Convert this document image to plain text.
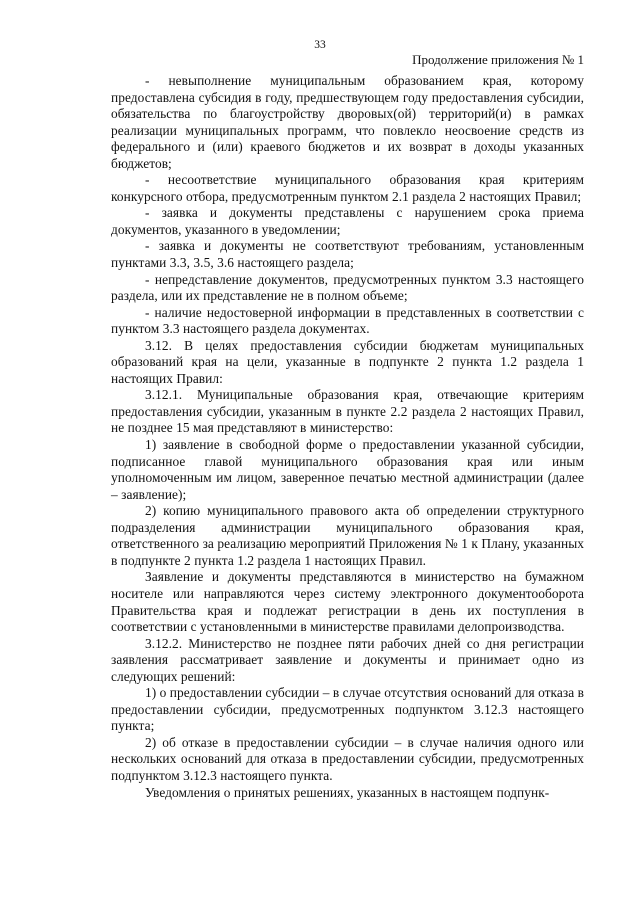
33
Продолжение приложения № 1

- невыполнение муниципальным образованием края, которому предоставлена субсидия в году, предшествующем году предоставления субсидии, обязательства по благоустройству дворовых(ой) территорий(и) в рамках реализации муниципальных программ, что повлекло неосвоение средств из федерального и (или) краевого бюджетов и их возврат в доходы указанных бюджетов;

- несоответствие муниципального образования края критериям конкурсного отбора, предусмотренным пунктом 2.1 раздела 2 настоящих Правил;

- заявка и документы представлены с нарушением срока приема документов, указанного в уведомлении;

- заявка и документы не соответствуют требованиям, установленным пунктами 3.3, 3.5, 3.6 настоящего раздела;

- непредставление документов, предусмотренных пунктом 3.3 настоящего раздела, или их представление не в полном объеме;

- наличие недостоверной информации в представленных в соответствии с пунктом 3.3 настоящего раздела документах.

3.12. В целях предоставления субсидии бюджетам муниципальных образований края на цели, указанные в подпункте 2 пункта 1.2 раздела 1 настоящих Правил:

3.12.1. Муниципальные образования края, отвечающие критериям предоставления субсидии, указанным в пункте 2.2 раздела 2 настоящих Правил, не позднее 15 мая представляют в министерство:

1) заявление в свободной форме о предоставлении указанной субсидии, подписанное главой муниципального образования края или иным уполномоченным им лицом, заверенное печатью местной администрации (далее – заявление);

2) копию муниципального правового акта об определении структурного подразделения администрации муниципального образования края, ответственного за реализацию мероприятий Приложения № 1 к Плану, указанных в подпункте 2 пункта 1.2 раздела 1 настоящих Правил.

Заявление и документы представляются в министерство на бумажном носителе или направляются через систему электронного документооборота Правительства края и подлежат регистрации в день их поступления в соответствии с установленными в министерстве правилами делопроизводства.

3.12.2. Министерство не позднее пяти рабочих дней со дня регистрации заявления рассматривает заявление и документы и принимает одно из следующих решений:

1) о предоставлении субсидии – в случае отсутствия оснований для отказа в предоставлении субсидии, предусмотренных подпунктом 3.12.3 настоящего пункта;

2) об отказе в предоставлении субсидии – в случае наличия одного или нескольких оснований для отказа в предоставлении субсидии, предусмотренных подпунктом 3.12.3 настоящего пункта.

Уведомления о принятых решениях, указанных в настоящем подпунк-
